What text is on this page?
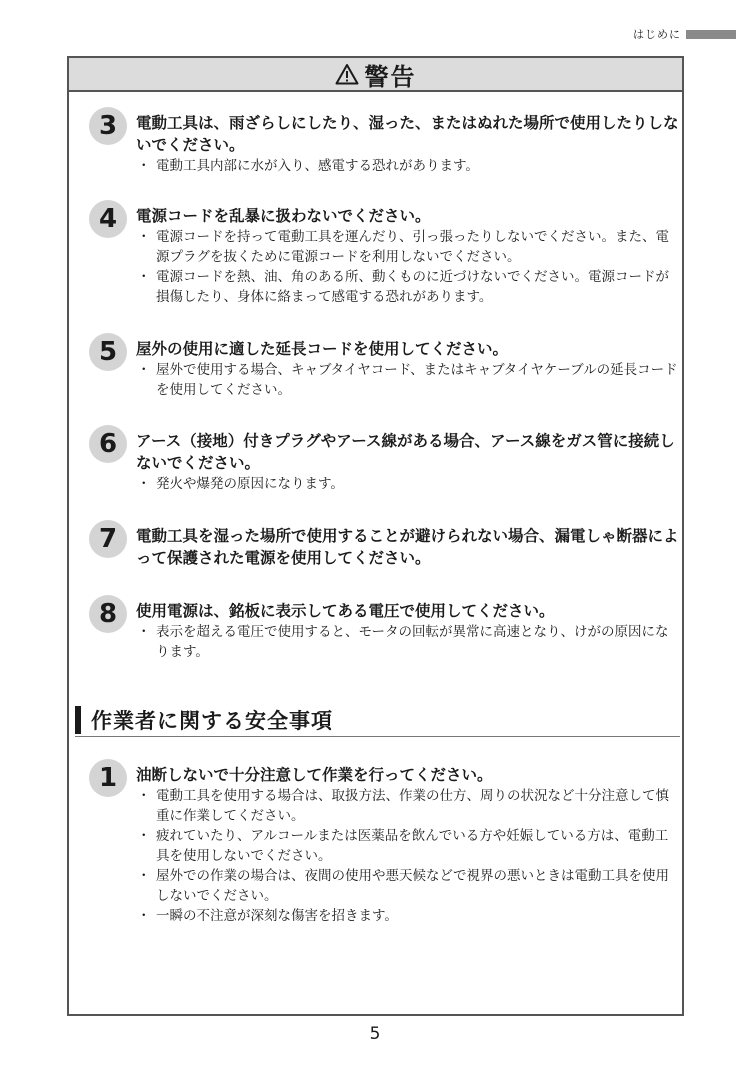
はじめに
警告
3	電動工具は、雨ざらしにしたり、湿った、またはぬれた場所で使用したりしないでください。
・ 電動工具内部に水が入り、感電する恐れがあります。
4	電源コードを乱暴に扱わないでください。
・ 電源コードを持って電動工具を運んだり、引っ張ったりしないでください。また、電源プラグを抜くために電源コードを利用しないでください。
・ 電源コードを熱、油、角のある所、動くものに近づけないでください。電源コードが損傷したり、身体に絡まって感電する恐れがあります。
5	屋外の使用に適した延長コードを使用してください。
・ 屋外で使用する場合、キャブタイヤコード、またはキャブタイヤケーブルの延長コードを使用してください。
6	アース（接地）付きプラグやアース線がある場合、アース線をガス管に接続しないでください。
・ 発火や爆発の原因になります。
7	電動工具を湿った場所で使用することが避けられない場合、漏電しゃ断器によって保護された電源を使用してください。
8	使用電源は、銘板に表示してある電圧で使用してください。
・ 表示を超える電圧で使用すると、モータの回転が異常に高速となり、けがの原因になります。
作業者に関する安全事項
1	油断しないで十分注意して作業を行ってください。
・ 電動工具を使用する場合は、取扱方法、作業の仕方、周りの状況など十分注意して慎重に作業してください。
・ 疲れていたり、アルコールまたは医薬品を飲んでいる方や妊娠している方は、電動工具を使用しないでください。
・ 屋外での作業の場合は、夜間の使用や悪天候などで視界の悪いときは電動工具を使用しないでください。
・ 一瞬の不注意が深刻な傷害を招きます。
5
